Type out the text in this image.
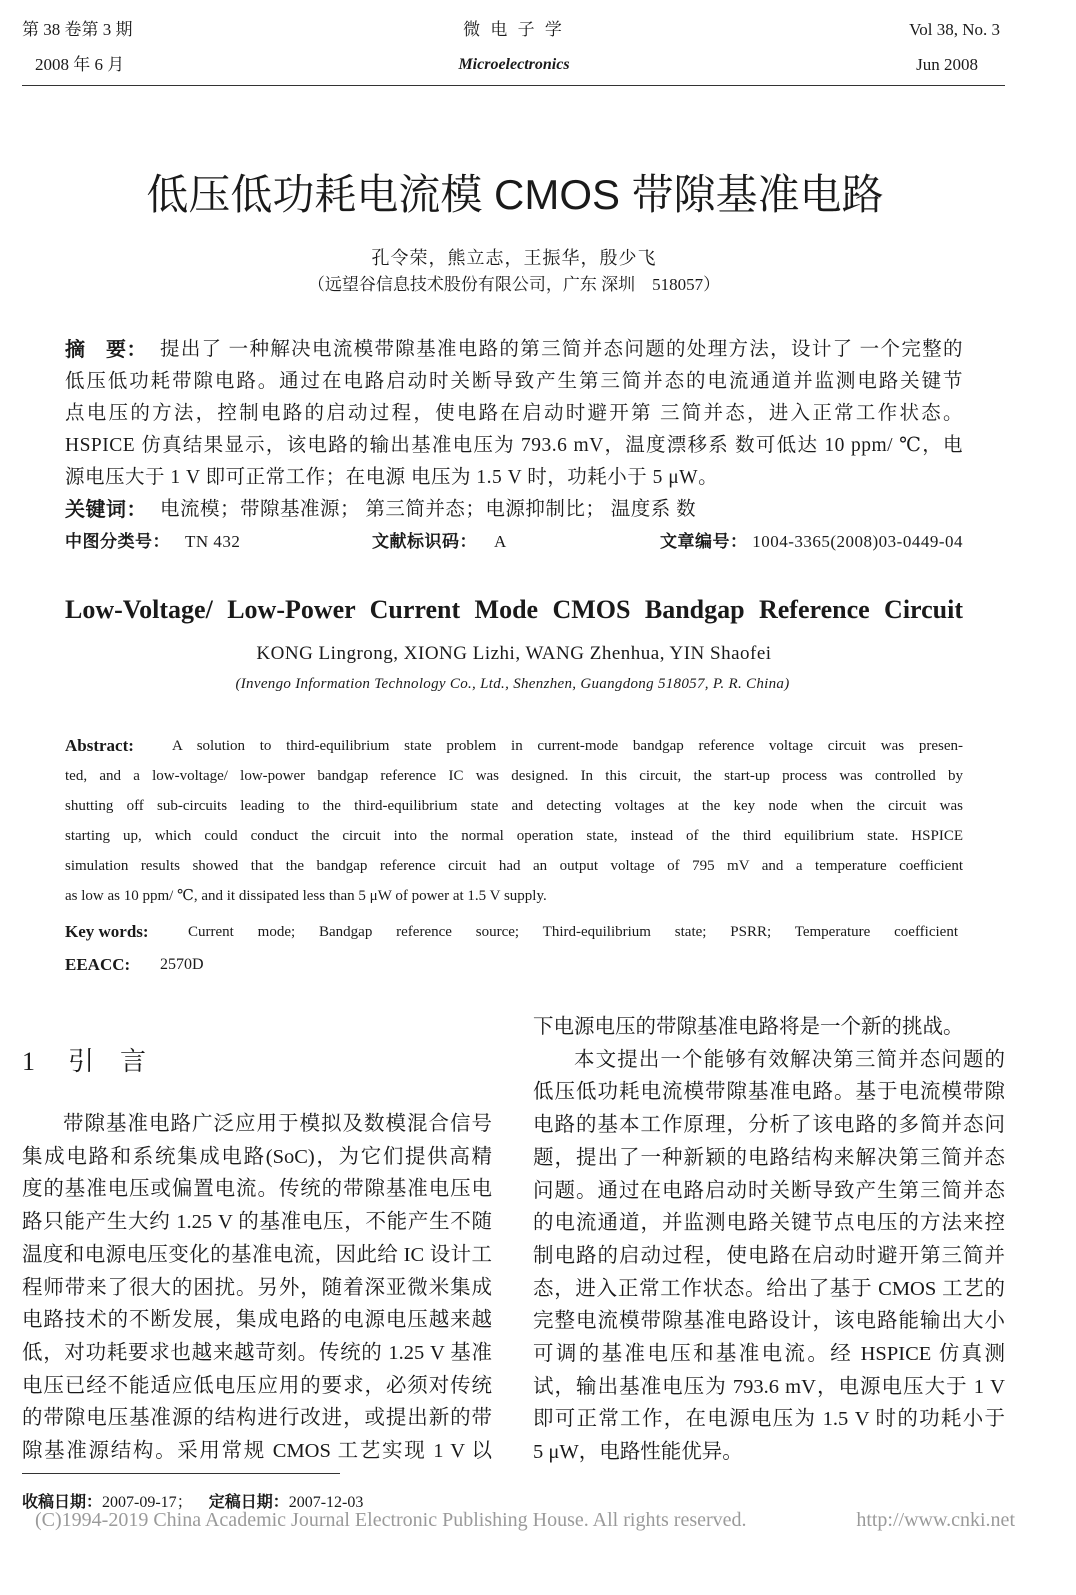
第 38 卷第 3 期
2008 年 6 月
微 电 子 学
Microelectronics
Vol 38, No. 3
Jun 2008
低压低功耗电流模 CMOS 带隙基准电路
孔令荣，熊立志，王振华，殷少飞
（远望谷信息技术股份有限公司，广东 深圳　518057）
摘　要： 提出了 一种解决电流模带隙基准电路的第三简并态问题的处理方法，设计了 一个完整的
低压低功耗带隙电路。通过在电路启动时关断导致产生第三简并态的电流通道并监测电路关键节
点电压的方法，控制电路的启动过程，使电路在启动时避开第 三简并态，进入正常工作状态。
HSPICE 仿真结果显示，该电路的输出基准电压为 793.6 mV，温度漂移系 数可低达 10 ppm/ ℃，电
源电压大于 1 V 即可正常工作；在电源 电压为 1.5 V 时，功耗小于 5 μW。
关键词： 电流模；带隙基准源； 第三简并态；电源抑制比； 温度系 数
中图分类号： TN 432	文献标识码： A	文章编号： 1004-3365(2008)03-0449-04
Low-Voltage/ Low-Power Current Mode CMOS Bandgap Reference Circuit
KONG Lingrong, XIONG Lizhi, WANG Zhenhua, YIN Shaofei
(Invengo Information Technology Co., Ltd., Shenzhen, Guangdong 518057, P. R. China)
Abstract:	A solution to third-equilibrium state problem in current-mode bandgap reference voltage circuit was presen-
ted, and a low-voltage/ low-power bandgap reference IC was designed. In this circuit, the start-up process was controlled by
shutting off sub-circuits leading to the third-equilibrium state and detecting voltages at the key node when the circuit was
starting up, which could conduct the circuit into the normal operation state, instead of the third equilibrium state. HSPICE
simulation results showed that the bandgap reference circuit had an output voltage of 795 mV and a temperature coefficient
as low as 10 ppm/ ℃, and it dissipated less than 5 μW of power at 1.5 V supply.
Key words:	Current mode; Bandgap reference source; Third-equilibrium state; PSRR; Temperature coefficient
EEACC: 2570D
1 引　言
带隙基准电路广泛应用于模拟及数模混合信号
集成电路和系统集成电路(SoC)，为它们提供高精
度的基准电压或偏置电流。传统的带隙基准电压电
路只能产生大约 1.25 V 的基准电压，不能产生不随
温度和电源电压变化的基准电流，因此给 IC 设计工
程师带来了很大的困扰。另外，随着深亚微米集成
电路技术的不断发展，集成电路的电源电压越来越
低，对功耗要求也越来越苛刻。传统的 1.25 V 基准
电压已经不能适应低电压应用的要求，必须对传统
的带隙电压基准源的结构进行改进，或提出新的带
隙基准源结构。采用常规 CMOS 工艺实现 1 V 以
下电源电压的带隙基准电路将是一个新的挑战。
本文提出一个能够有效解决第三简并态问题的
低压低功耗电流模带隙基准电路。基于电流模带隙
电路的基本工作原理，分析了该电路的多简并态问
题，提出了一种新颖的电路结构来解决第三简并态
问题。通过在电路启动时关断导致产生第三简并态
的电流通道，并监测电路关键节点电压的方法来控
制电路的启动过程，使电路在启动时避开第三简并
态，进入正常工作状态。给出了基于 CMOS 工艺的
完整电流模带隙基准电路设计，该电路能输出大小
可调的基准电压和基准电流。经 HSPICE 仿真测
试，输出基准电压为 793.6 mV，电源电压大于 1 V
即可正常工作，在电源电压为 1.5 V 时的功耗小于
5 μW，电路性能优异。
收稿日期：2007-09-17； 定稿日期：2007-12-03
(C)1994-2019 China Academic Journal Electronic Publishing House. All rights reserved.	http://www.cnki.net
